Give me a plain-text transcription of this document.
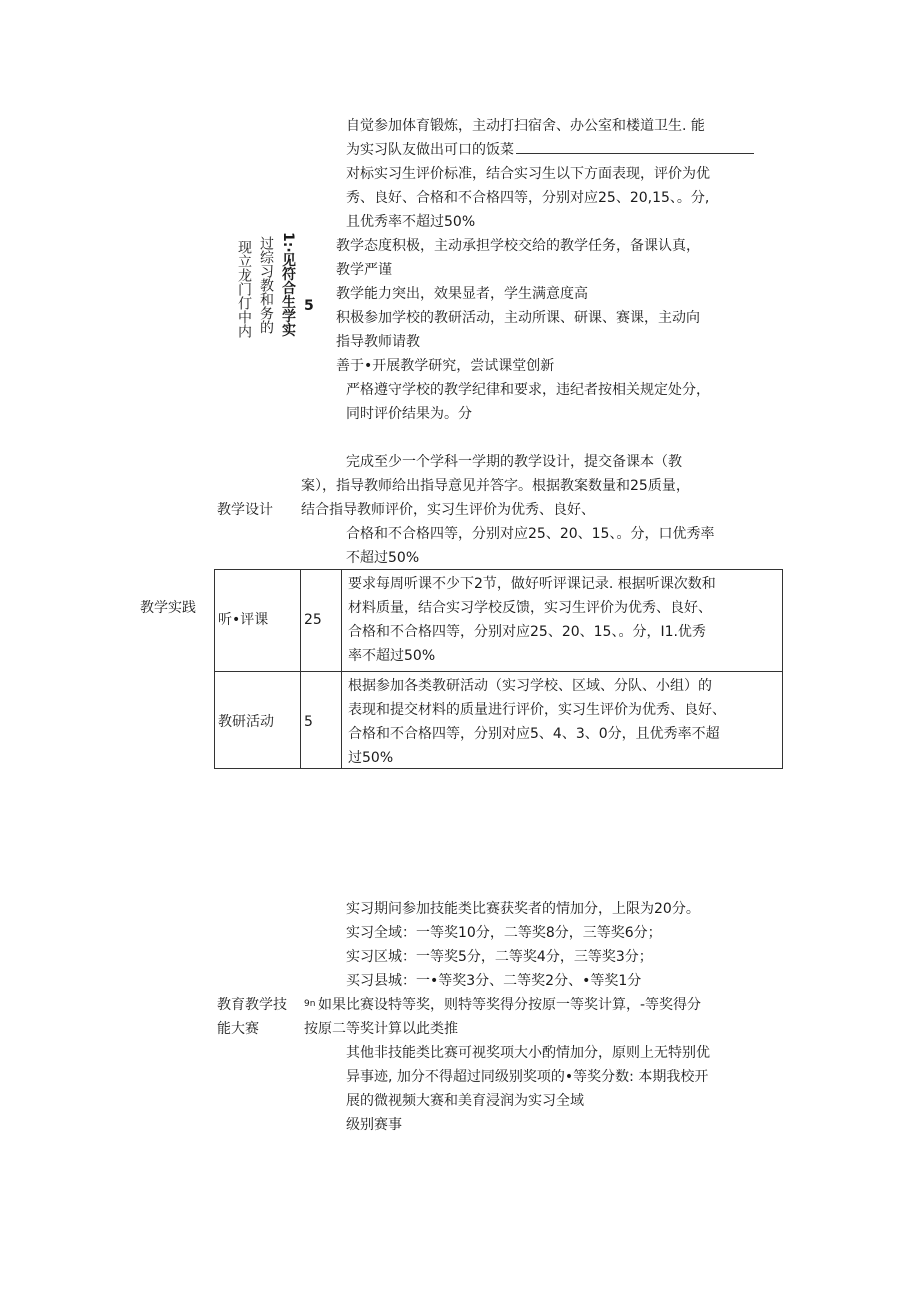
自觉参加体育锻炼，主动打扫宿舍、办公室和楼道卫生. 能
为实习队友做出可口的饭菜
对标实习生评价标准，结合实习生以下方面表现，评价为优
秀、良好、合格和不合格四等，分别对应25、20,15、。分,
且优秀率不超过50%
教学态度积极，主动承担学校交给的教学任务，备课认真，
教学严谨
教学能力突出，效果显者，学生满意度高
积极参加学校的教研活动，主动所课、研课、赛课，主动向
指导教师请教
善于•开展教学研究，尝试课堂创新
严格遵守学校的教学纪律和要求，违纪者按相关规定处分，
同时评价结果为。分
现立龙门仃中内 过综习教和务的 1:·见符合生学实 5
完成至少一个学科一学期的教学设计，提交备课本（教
案），指导教师给出指导意见并答字。根据教案数量和25质量，
教学设计 结合指导教师评价，实习生评价为优秀、良好、
合格和不合格四等，分别对应25、20、15、。分，口优秀率
不超过50%
教学实践
听•评课	25
要求每周听课不少下2节，做好听评课记录. 根据听课次数和
材料质量，结合实习学校反馈，实习生评价为优秀、良好、
合格和不合格四等，分别对应25、20、15、。分，I1.优秀
率不超过50%
教研活动 5
根据参加各类教研活动（实习学校、区域、分队、小组）的
表现和提交材料的质量进行评价，实习生评价为优秀、良好、
合格和不合格四等，分别对应5、4、3、0分，且优秀率不超
过50%
实习期问参加技能类比赛获奖者的情加分，上限为20分。
实习全域：一等奖10分，二等奖8分，三等奖6分；
实习区城：一等奖5分，二等奖4分，三等奖3分；
买习县城：一•等奖3分、二等奖2分、•等奖1分
教育教学技 9n 如果比赛设特等奖，则特等奖得分按原一等奖计算，-等奖得分
能大赛	按原二等奖计算以此类推
其他非技能类比赛可视奖项大小酌情加分，原则上无特别优
异事迹, 加分不得超过同级别奖项的•等奖分数: 本期我校开
展的微视频大赛和美育浸润为实习全域
级别赛事
